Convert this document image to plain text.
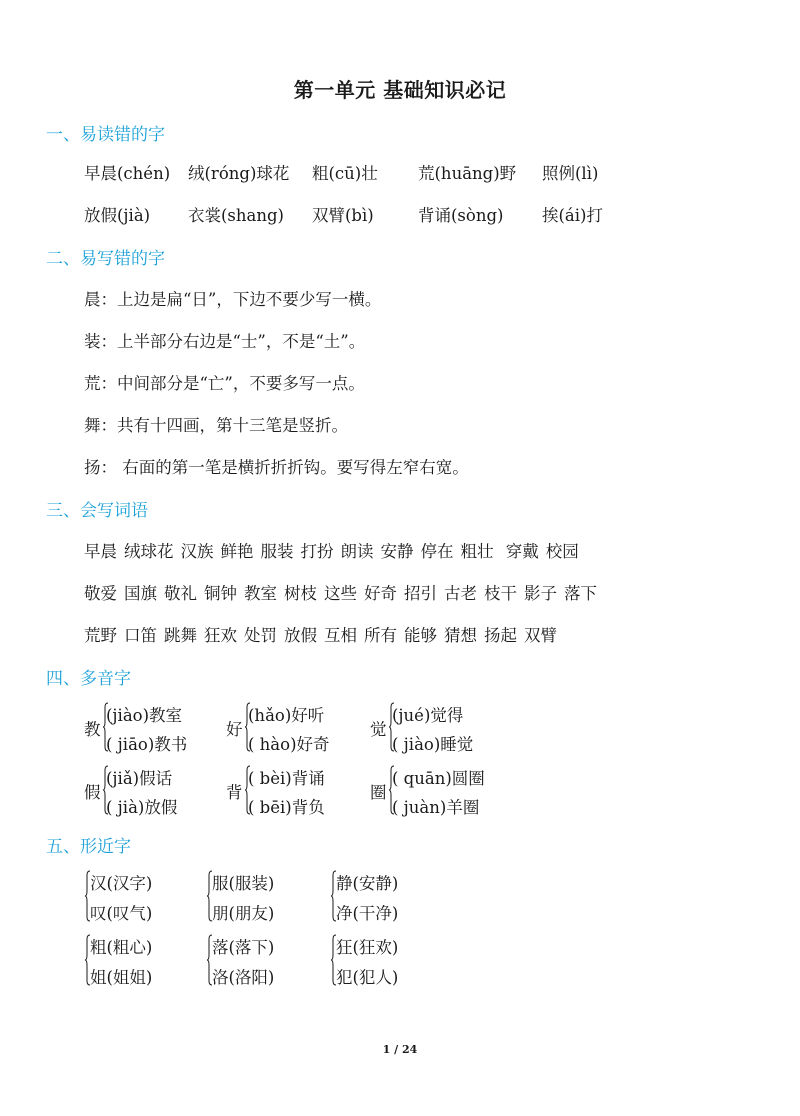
第一单元 基础知识必记
一、易读错的字
早晨(chén) 绒(róng)球花 粗(cū)壮 荒(huāng)野 照例(lì)
放假(jià) 衣裳(shang) 双臂(bì)	背诵(sòng) 挨(ái)打
二、易写错的字
晨：上边是扁“日”，下边不要少写一横。
装：上半部分右边是“士”，不是“土”。
荒：中间部分是“亡”，不要多写一点。
舞：共有十四画，第十三笔是竖折。
扬： 右面的第一笔是横折折折钩。要写得左窄右宽。
三、会写词语
早晨 绒球花 汉族 鲜艳 服装 打扮 朗读 安静 停在 粗壮 穿戴 校园
敬爱 国旗 敬礼 铜钟 教室 树枝 这些 好奇 招引 古老 枝干 影子 落下
荒野 口笛 跳舞 狂欢 处罚 放假 互相 所有 能够 猜想 扬起 双臂
四、多音字
教
(jiào)教室
( jiāo)教书
好
(hǎo)好听
( hào)好奇
觉
(jué)觉得
( jiào)睡觉
假
(jiǎ)假话
( jià)放假
背
( bèi)背诵
( bēi)背负
圈
( quān)圆圈
( juàn)羊圈
五、形近字
汉(汉字)
叹(叹气)
服(服装)
朋(朋友)
静(安静)
净(干净)
粗(粗心)
姐(姐姐)
落(落下)
洛(洛阳)
狂(狂欢)
犯(犯人)
1 / 24
